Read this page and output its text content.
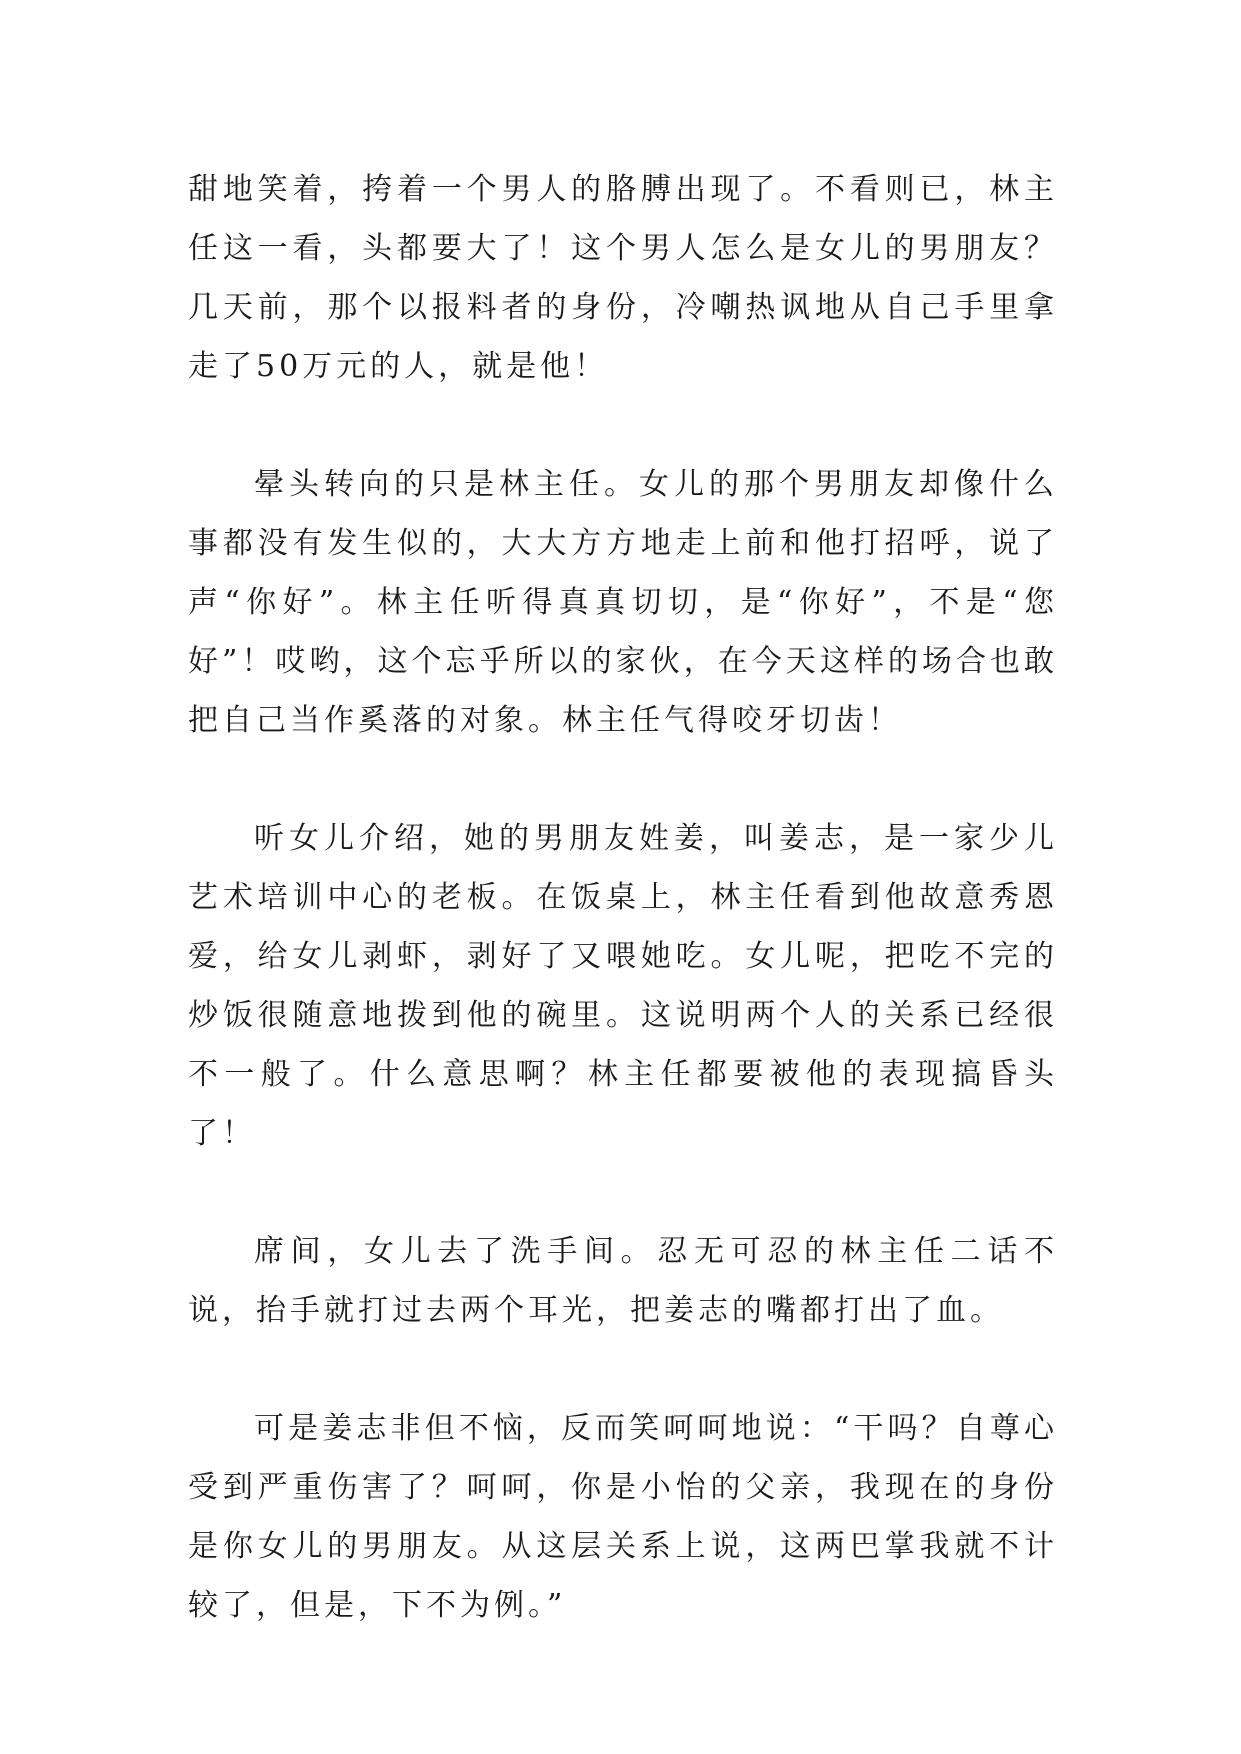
甜地笑着，挎着一个男人的胳膊出现了。不看则已，林主任这一看，头都要大了！这个男人怎么是女儿的男朋友？几天前，那个以报料者的身份，冷嘲热讽地从自己手里拿走了50万元的人，就是他！

晕头转向的只是林主任。女儿的那个男朋友却像什么事都没有发生似的，大大方方地走上前和他打招呼，说了声“你好”。林主任听得真真切切，是“你好”，不是“您好”！哎哟，这个忘乎所以的家伙，在今天这样的场合也敢把自己当作奚落的对象。林主任气得咬牙切齿！

听女儿介绍，她的男朋友姓姜，叫姜志，是一家少儿艺术培训中心的老板。在饭桌上，林主任看到他故意秀恩爱，给女儿剥虾，剥好了又喂她吃。女儿呢，把吃不完的炒饭很随意地拨到他的碗里。这说明两个人的关系已经很不一般了。什么意思啊？林主任都要被他的表现搞昏头了！

席间，女儿去了洗手间。忍无可忍的林主任二话不说，抬手就打过去两个耳光，把姜志的嘴都打出了血。

可是姜志非但不恼，反而笑呵呵地说：“干吗？自尊心受到严重伤害了？呵呵，你是小怡的父亲，我现在的身份是你女儿的男朋友。从这层关系上说，这两巴掌我就不计较了，但是，下不为例。”
